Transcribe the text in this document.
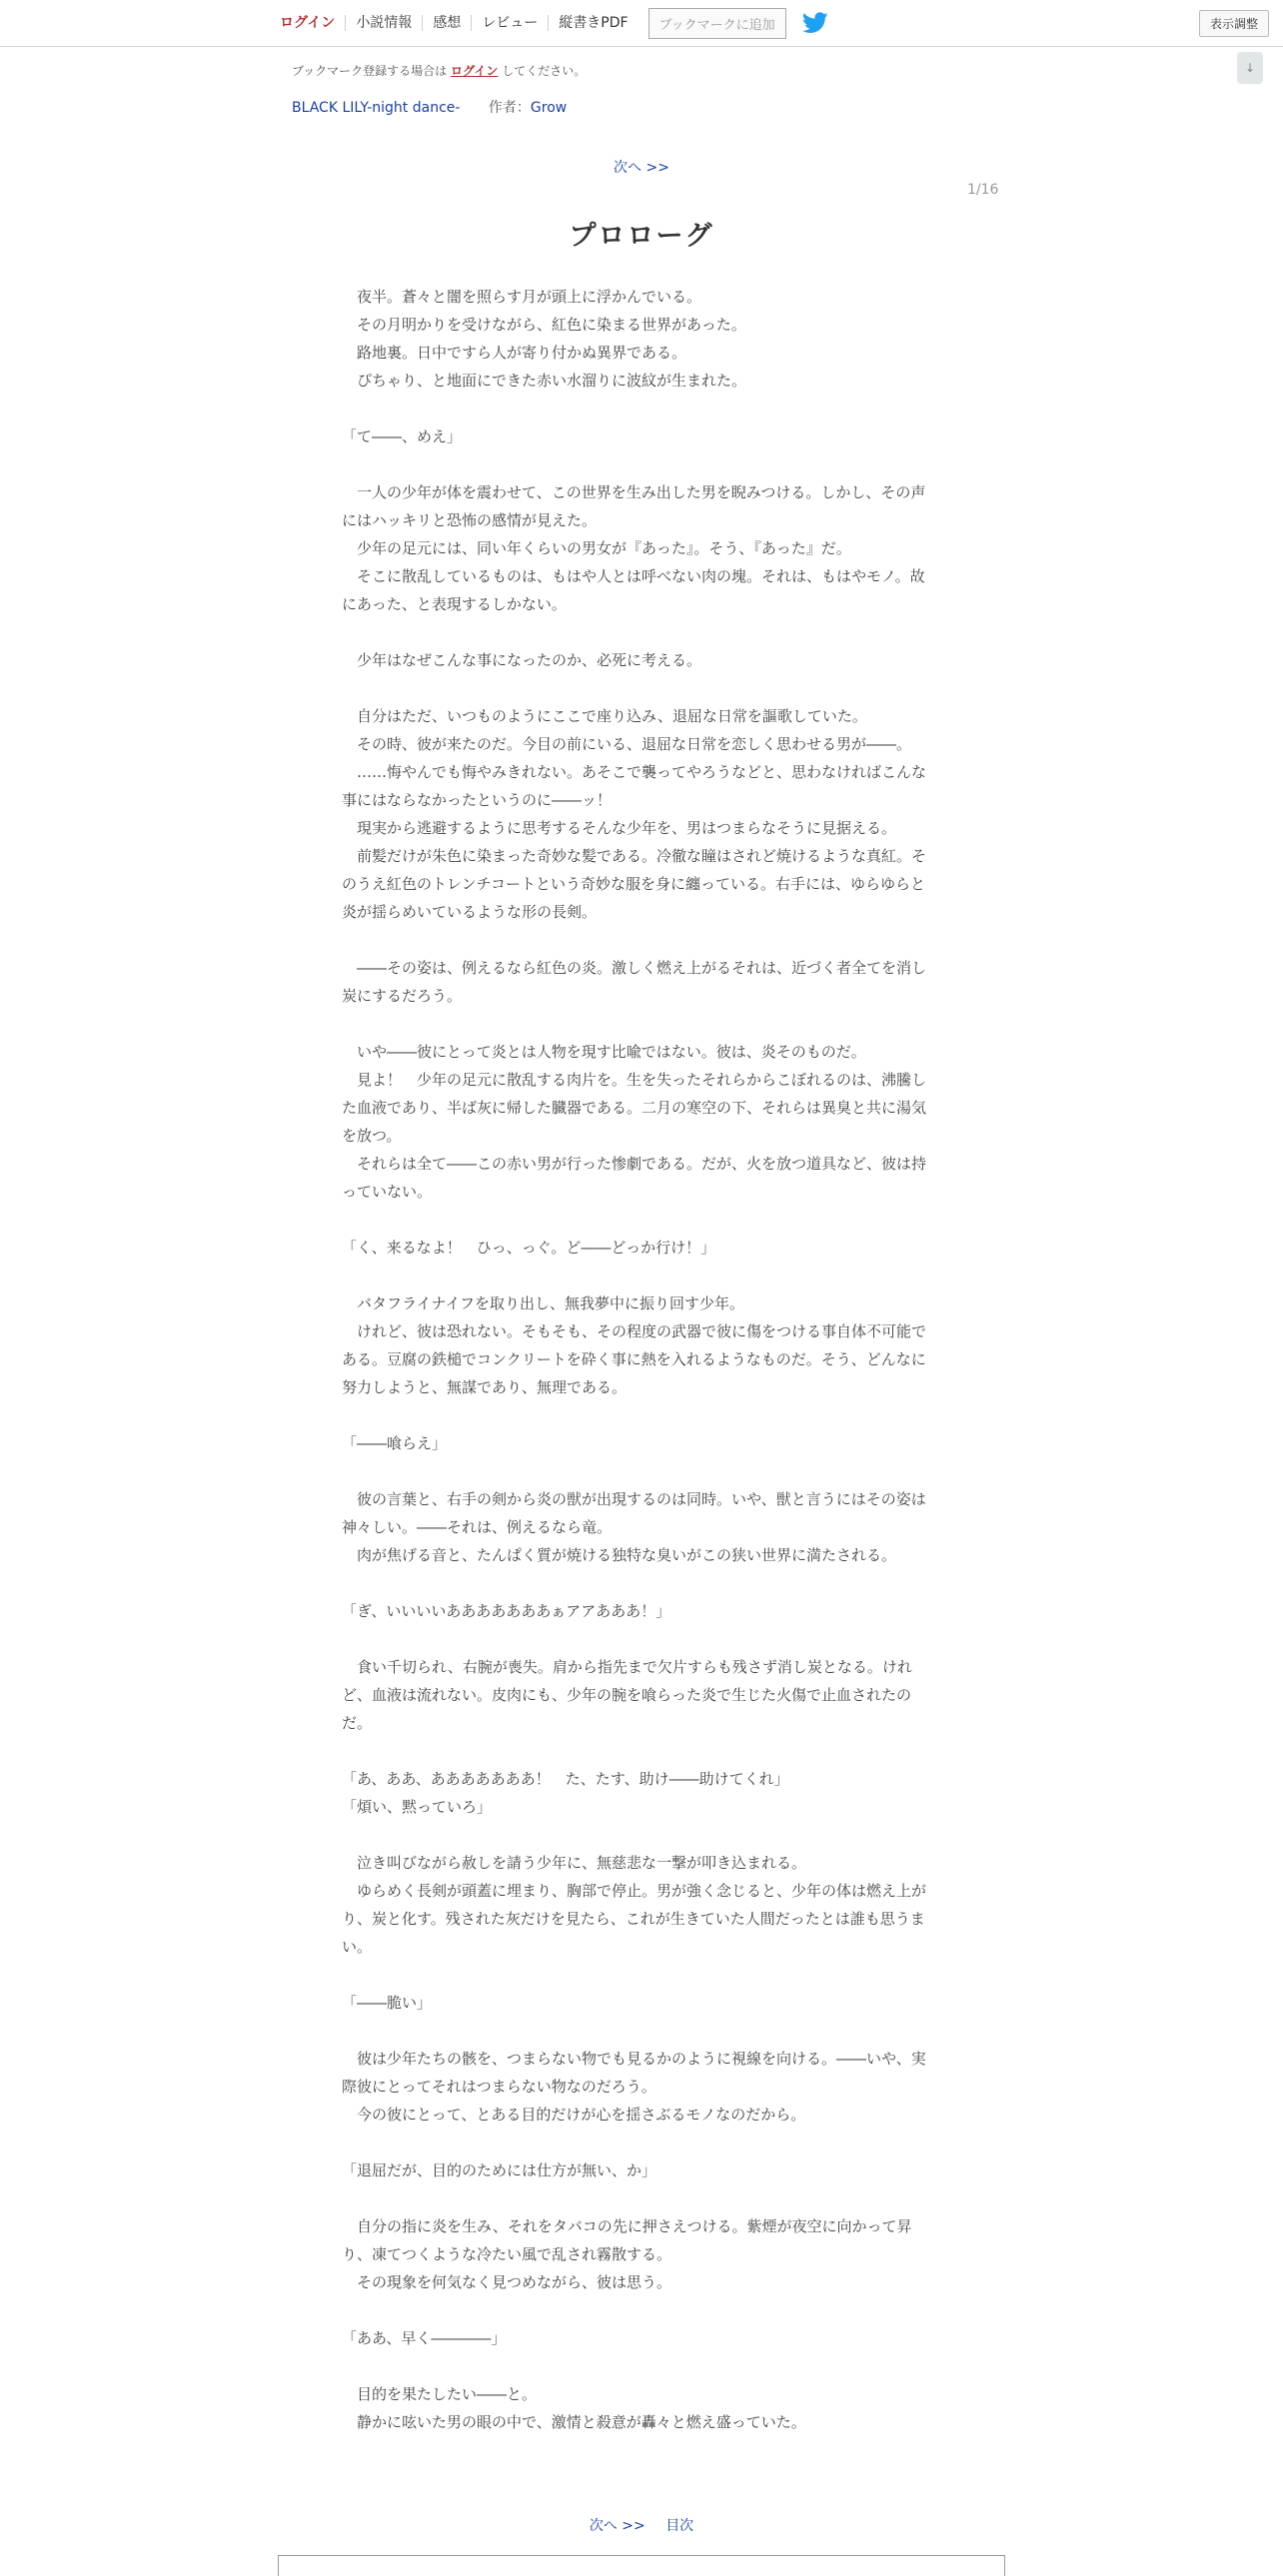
ログイン	小説情報	感想	レビュー	縦書きPDF	ブックマークに追加	表示調整
↓
ブックマーク登録する場合は ログイン してください。
BLACK LILY-night dance- 作者：Grow
次へ >>
1/16
プロローグ

　夜半。蒼々と闇を照らす月が頭上に浮かんでいる。

　その月明かりを受けながら、紅色に染まる世界があった。

　路地裏。日中ですら人が寄り付かぬ異界である。

　ぴちゃり、と地面にできた赤い水溜りに波紋が生まれた。

「て――、めえ」

　一人の少年が体を震わせて、この世界を生み出した男を睨みつける。しかし、その声にはハッキリと恐怖の感情が見えた。

　少年の足元には、同い年くらいの男女が『あった』。そう、『あった』だ。

　そこに散乱しているものは、もはや人とは呼べない肉の塊。それは、もはやモノ。故にあった、と表現するしかない。

　少年はなぜこんな事になったのか、必死に考える。

　自分はただ、いつものようにここで座り込み、退屈な日常を謳歌していた。

　その時、彼が来たのだ。今目の前にいる、退屈な日常を恋しく思わせる男が――。

　……悔やんでも悔やみきれない。あそこで襲ってやろうなどと、思わなければこんな事にはならなかったというのに――ッ！

　現実から逃避するように思考するそんな少年を、男はつまらなそうに見据える。

　前髪だけが朱色に染まった奇妙な髪である。冷徹な瞳はされど焼けるような真紅。そのうえ紅色のトレンチコートという奇妙な服を身に纏っている。右手には、ゆらゆらと炎が揺らめいているような形の長剣。

　――その姿は、例えるなら紅色の炎。激しく燃え上がるそれは、近づく者全てを消し炭にするだろう。

　いや――彼にとって炎とは人物を現す比喩ではない。彼は、炎そのものだ。

　見よ！　少年の足元に散乱する肉片を。生を失ったそれらからこぼれるのは、沸騰した血液であり、半ば灰に帰した臓器である。二月の寒空の下、それらは異臭と共に湯気を放つ。

　それらは全て――この赤い男が行った惨劇である。だが、火を放つ道具など、彼は持っていない。

「く、来るなよ！　ひっ、っぐ。ど――どっか行け！」

　バタフライナイフを取り出し、無我夢中に振り回す少年。

　けれど、彼は恐れない。そもそも、その程度の武器で彼に傷をつける事自体不可能である。豆腐の鉄槌でコンクリートを砕く事に熱を入れるようなものだ。そう、どんなに努力しようと、無謀であり、無理である。

「――喰らえ」

　彼の言葉と、右手の剣から炎の獣が出現するのは同時。いや、獣と言うにはその姿は神々しい。――それは、例えるなら竜。

　肉が焦げる音と、たんぱく質が焼ける独特な臭いがこの狭い世界に満たされる。

「ぎ、いいいいあああああああぁアアあああ！」

　食い千切られ、右腕が喪失。肩から指先まで欠片すらも残さず消し炭となる。けれど、血液は流れない。皮肉にも、少年の腕を喰らった炎で生じた火傷で止血されたのだ。

「あ、ああ、あああああああ！　た、たす、助け――助けてくれ」

「煩い、黙っていろ」

　泣き叫びながら赦しを請う少年に、無慈悲な一撃が叩き込まれる。

　ゆらめく長剣が頭蓋に埋まり、胸部で停止。男が強く念じると、少年の体は燃え上がり、炭と化す。残された灰だけを見たら、これが生きていた人間だったとは誰も思うまい。

「――脆い」

　彼は少年たちの骸を、つまらない物でも見るかのように視線を向ける。――いや、実際彼にとってそれはつまらない物なのだろう。

　今の彼にとって、とある目的だけが心を揺さぶるモノなのだから。

「退屈だが、目的のためには仕方が無い、か」

　自分の指に炎を生み、それをタバコの先に押さえつける。紫煙が夜空に向かって昇り、凍てつくような冷たい風で乱され霧散する。

　その現象を何気なく見つめながら、彼は思う。

「ああ、早く――――」

　目的を果たしたい――と。

　静かに呟いた男の眼の中で、激情と殺意が轟々と燃え盛っていた。

次へ >> 目次
